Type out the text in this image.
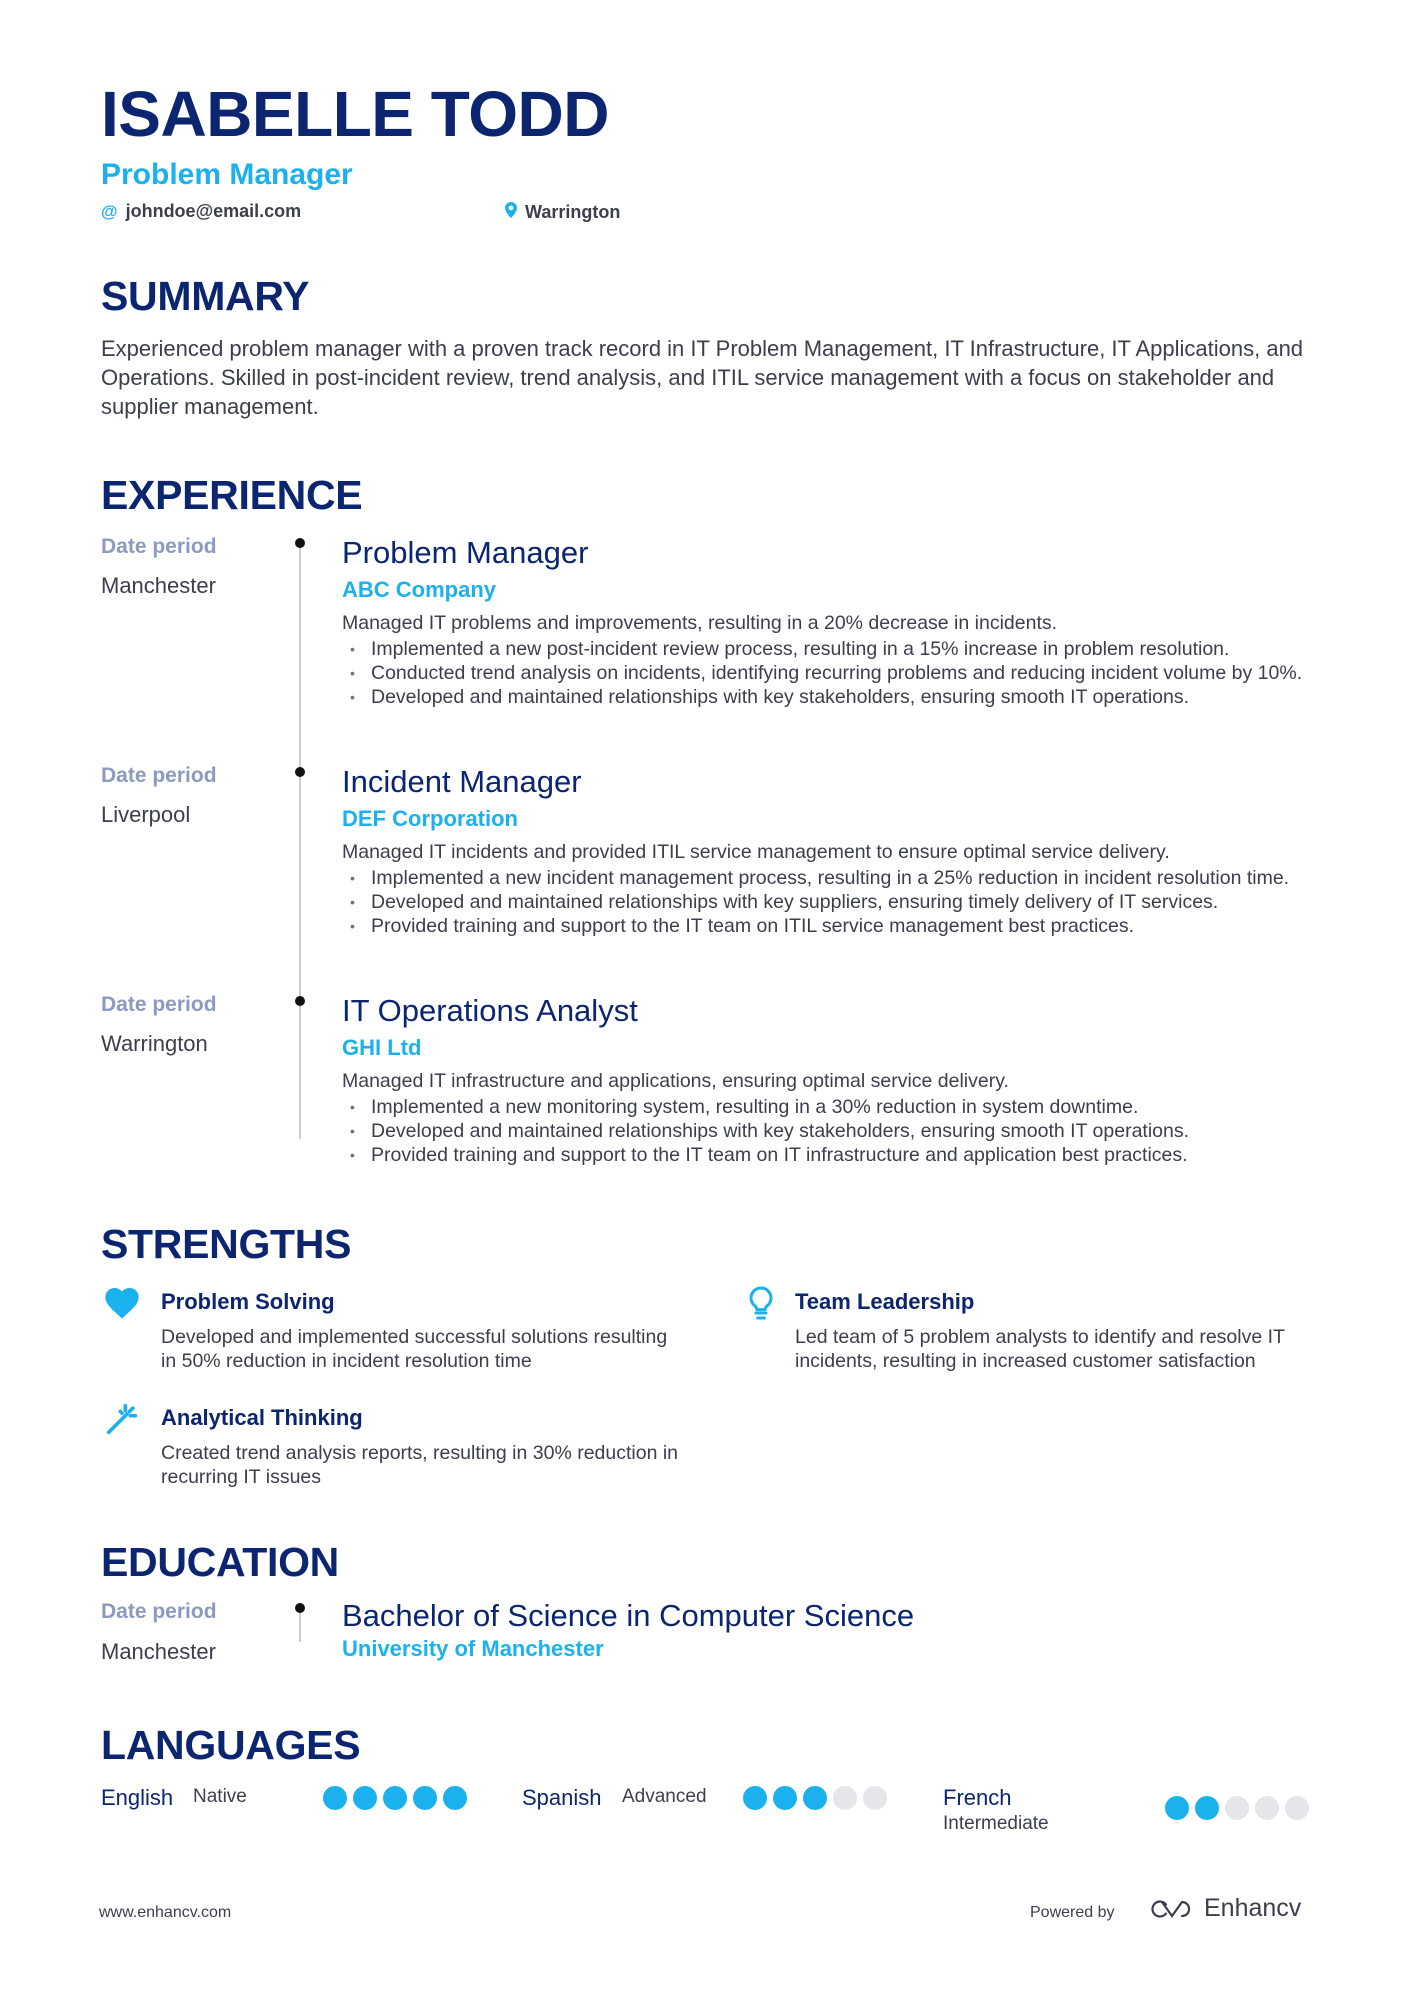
ISABELLE TODD
Problem Manager
@ johndoe@email.com	Warrington
SUMMARY
Experienced problem manager with a proven track record in IT Problem Management, IT Infrastructure, IT Applications, and Operations. Skilled in post-incident review, trend analysis, and ITIL service management with a focus on stakeholder and supplier management.
EXPERIENCE
Date period
Manchester
Problem Manager
ABC Company
Managed IT problems and improvements, resulting in a 20% decrease in incidents.
• Implemented a new post-incident review process, resulting in a 15% increase in problem resolution.
• Conducted trend analysis on incidents, identifying recurring problems and reducing incident volume by 10%.
• Developed and maintained relationships with key stakeholders, ensuring smooth IT operations.
Date period
Liverpool
Incident Manager
DEF Corporation
Managed IT incidents and provided ITIL service management to ensure optimal service delivery.
• Implemented a new incident management process, resulting in a 25% reduction in incident resolution time.
• Developed and maintained relationships with key suppliers, ensuring timely delivery of IT services.
• Provided training and support to the IT team on ITIL service management best practices.
Date period
Warrington
IT Operations Analyst
GHI Ltd
Managed IT infrastructure and applications, ensuring optimal service delivery.
• Implemented a new monitoring system, resulting in a 30% reduction in system downtime.
• Developed and maintained relationships with key stakeholders, ensuring smooth IT operations.
• Provided training and support to the IT team on IT infrastructure and application best practices.
STRENGTHS
Problem Solving
Developed and implemented successful solutions resulting in 50% reduction in incident resolution time
Team Leadership
Led team of 5 problem analysts to identify and resolve IT incidents, resulting in increased customer satisfaction
Analytical Thinking
Created trend analysis reports, resulting in 30% reduction in recurring IT issues
EDUCATION
Date period
Manchester
Bachelor of Science in Computer Science
University of Manchester
LANGUAGES
English Native	Spanish Advanced	French
Intermediate
www.enhancv.com	Powered by	Enhancv
